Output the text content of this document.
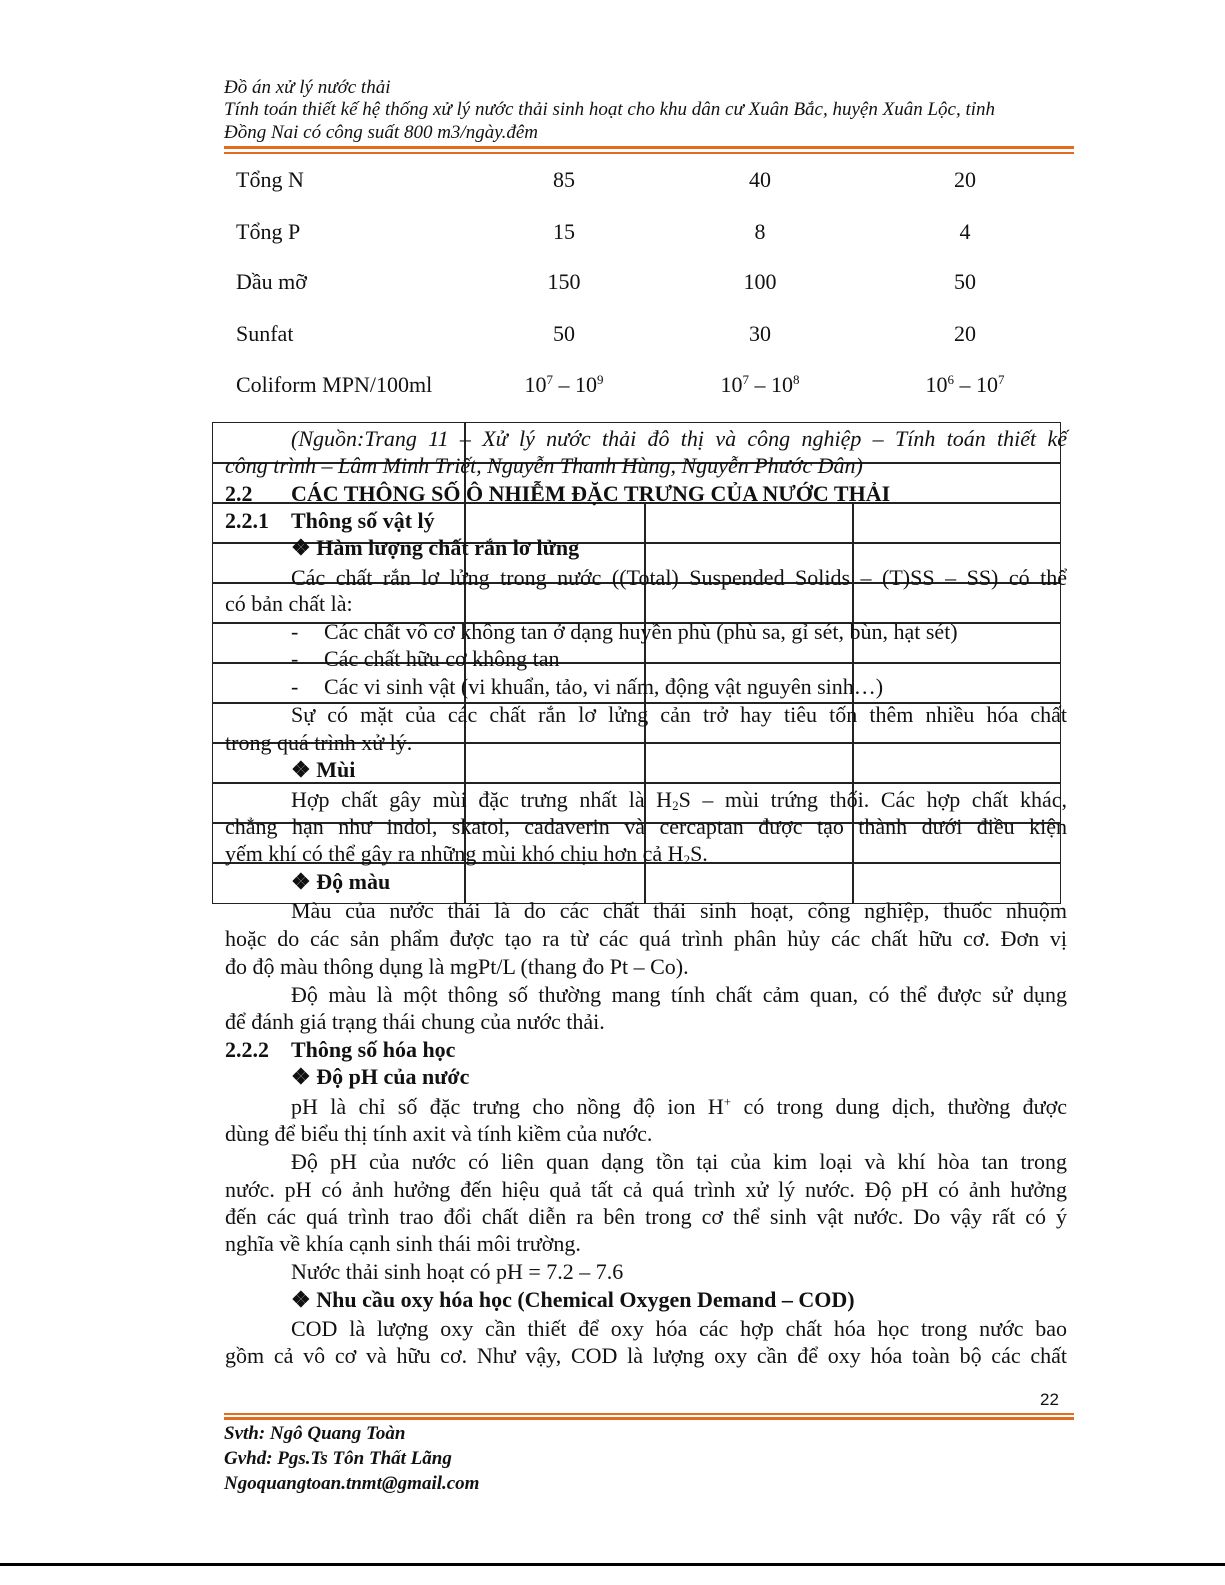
Đồ án xử lý nước thải
Tính toán thiết kế hệ thống xử lý nước thải sinh hoạt cho khu dân cư Xuân Bắc, huyện Xuân Lộc, tỉnh
Đồng Nai có công suất 800 m3/ngày.đêm
Tổng N	85	40	20
Tổng P	15	8	4
Dầu mỡ	150	100	50
Sunfat	50	30	20
Coliform MPN/100ml	$10^7 - 10^9$	$10^7 - 10^8$	$10^6 - 10^7$
(Nguồn:Trang 11 – Xử lý nước thải đô thị và công nghiệp – Tính toán thiết kế
công trình – Lâm Minh Triết, Nguyễn Thanh Hùng, Nguyễn Phước Dân)
2.2 CÁC THÔNG SỐ Ô NHIỄM ĐẶC TRƯNG CỦA NƯỚC THẢI
2.2.1 Thông số vật lý
❖ Hàm lượng chất rắn lơ lửng
Các chất rắn lơ lửng trong nước ((Total) Suspended Solids – (T)SS – SS) có thể
có bản chất là:
- Các chất vô cơ không tan ở dạng huyền phù (phù sa, gỉ sét, bùn, hạt sét)
- Các chất hữu cơ không tan
- Các vi sinh vật (vi khuẩn, tảo, vi nấm, động vật nguyên sinh…)
Sự có mặt của các chất rắn lơ lửng cản trở hay tiêu tốn thêm nhiều hóa chất
trong quá trình xử lý.
❖ Mùi
Hợp chất gây mùi đặc trưng nhất là $H_2S$ – mùi trứng thối. Các hợp chất khác,
chẳng hạn như indol, skatol, cadaverin và cercaptan được tạo thành dưới điều kiện
yếm khí có thể gây ra những mùi khó chịu hơn cả $H_2S$.
❖ Độ màu
Màu của nước thải là do các chất thải sinh hoạt, công nghiệp, thuốc nhuộm
hoặc do các sản phẩm được tạo ra từ các quá trình phân hủy các chất hữu cơ. Đơn vị
đo độ màu thông dụng là mgPt/L (thang đo Pt – Co).
Độ màu là một thông số thường mang tính chất cảm quan, có thể được sử dụng
để đánh giá trạng thái chung của nước thải.
2.2.2 Thông số hóa học
❖ Độ pH của nước
pH là chỉ số đặc trưng cho nồng độ ion H+ có trong dung dịch, thường được
dùng để biểu thị tính axit và tính kiềm của nước.
Độ pH của nước có liên quan dạng tồn tại của kim loại và khí hòa tan trong
nước. pH có ảnh hưởng đến hiệu quả tất cả quá trình xử lý nước. Độ pH có ảnh hưởng
đến các quá trình trao đổi chất diễn ra bên trong cơ thể sinh vật nước. Do vậy rất có ý
nghĩa về khía cạnh sinh thái môi trường.
Nước thải sinh hoạt có pH = 7.2 – 7.6
❖ Nhu cầu oxy hóa học (Chemical Oxygen Demand – COD)
COD là lượng oxy cần thiết để oxy hóa các hợp chất hóa học trong nước bao
gồm cả vô cơ và hữu cơ. Như vậy, COD là lượng oxy cần để oxy hóa toàn bộ các chất
22
Svth: Ngô Quang Toàn
Gvhd: Pgs.Ts Tôn Thất Lãng
Ngoquangtoan.tnmt@gmail.com
